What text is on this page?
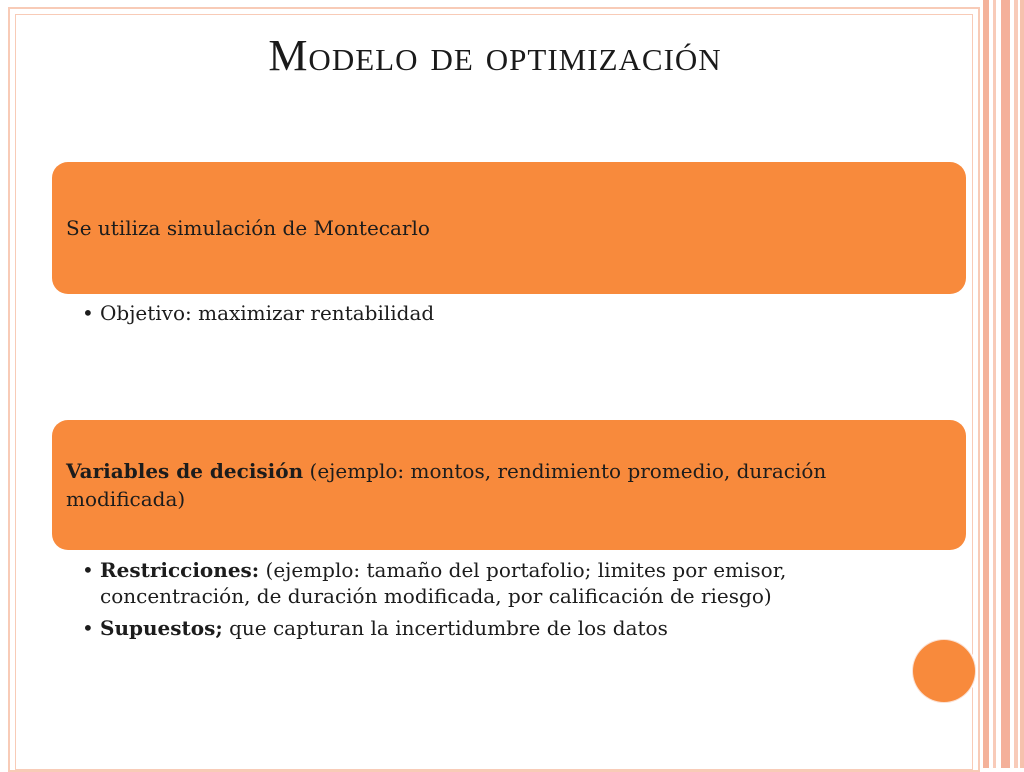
Modelo de optimización
Se utiliza simulación de Montecarlo
• Objetivo: maximizar rentabilidad
Variables de decisión (ejemplo: montos, rendimiento promedio, duración modificada)
• Restricciones: (ejemplo: tamaño del portafolio; limites por emisor, concentración, de duración modificada, por calificación de riesgo)
• Supuestos; que capturan la incertidumbre de los datos
